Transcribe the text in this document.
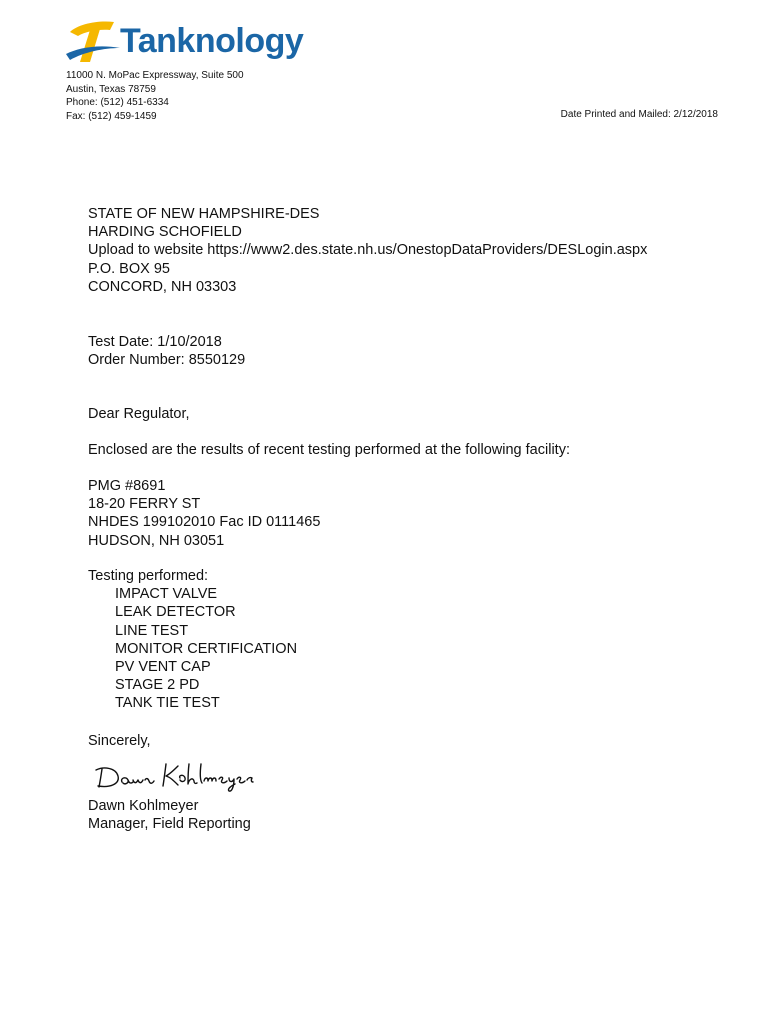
Tanknology
11000 N. MoPac Expressway, Suite 500
Austin, Texas 78759
Phone: (512) 451-6334
Fax: (512) 459-1459	Date Printed and Mailed: 2/12/2018
STATE OF NEW HAMPSHIRE-DES
HARDING SCHOFIELD
Upload to website https://www2.des.state.nh.us/OnestopDataProviders/DESLogin.aspx
P.O. BOX 95
CONCORD, NH 03303
Test Date: 1/10/2018
Order Number: 8550129
Dear Regulator,
Enclosed are the results of recent testing performed at the following facility:
PMG #8691
18-20 FERRY ST
NHDES 199102010 Fac ID 0111465
HUDSON, NH 03051
Testing performed:
IMPACT VALVE
LEAK DETECTOR
LINE TEST
MONITOR CERTIFICATION
PV VENT CAP
STAGE 2 PD
TANK TIE TEST
Sincerely,
Dawn Kohlmeyer
Manager, Field Reporting
